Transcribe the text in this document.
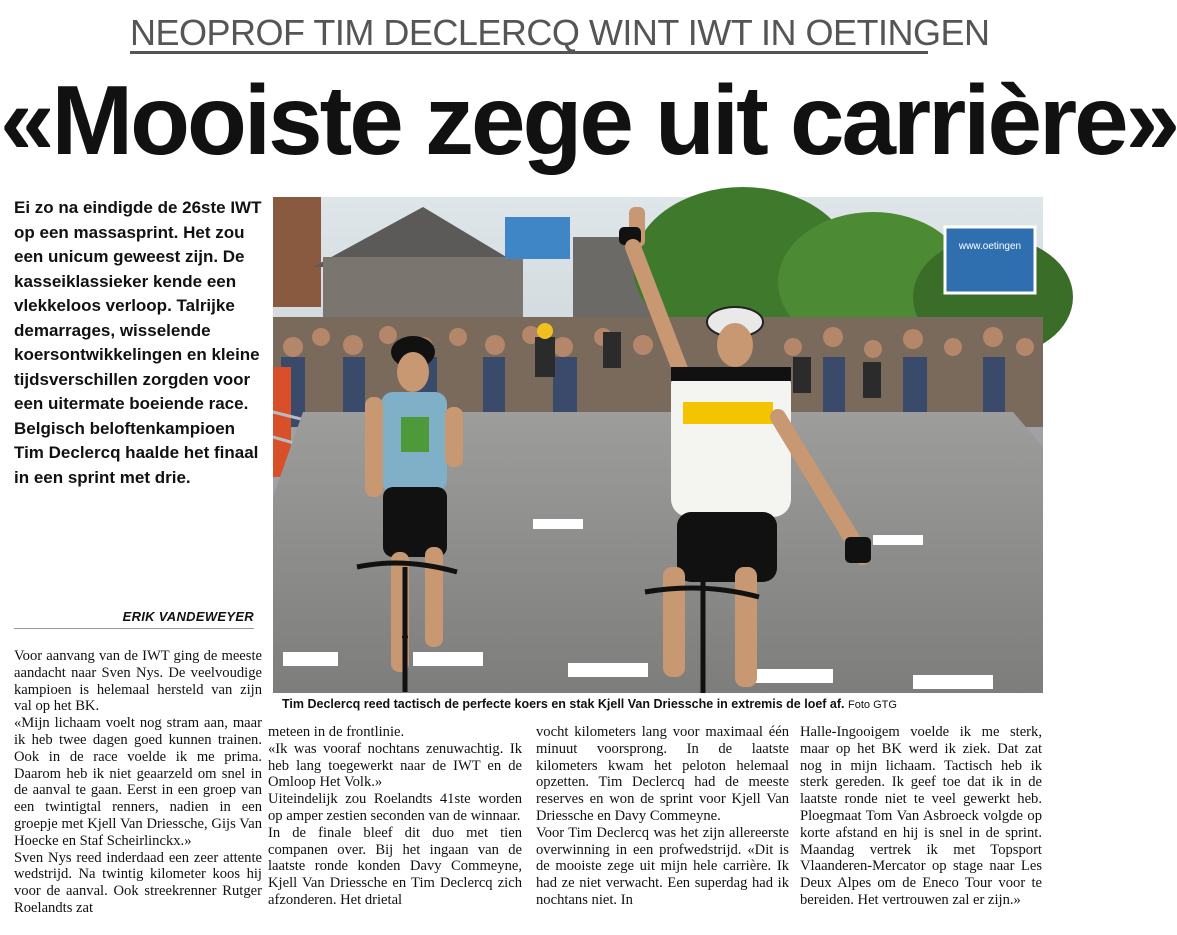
NEOPROF TIM DECLERCQ WINT IWT IN OETINGEN
«Mooiste zege uit carrière»

Ei zo na eindigde de 26ste IWT op een massasprint. Het zou een unicum geweest zijn. De kasseiklassieker kende een vlekkeloos verloop. Talrijke demarrages, wisselende koersontwikkelingen en kleine tijdsverschillen zorgden voor een uitermate boeiende race. Belgisch beloftenkampioen Tim Declercq haalde het finaal in een sprint met drie.

ERIK VANDEWEYER
www.oetingen
Tim Declercq reed tactisch de perfecte koers en stak Kjell Van Driessche in extremis de loef af. Foto GTG

Voor aanvang van de IWT ging de meeste aandacht naar Sven Nys. De veelvoudige kampioen is helemaal hersteld van zijn val op het BK.

«Mijn lichaam voelt nog stram aan, maar ik heb twee dagen goed kunnen trainen. Ook in de race voelde ik me prima. Daarom heb ik niet geaarzeld om snel in de aanval te gaan. Eerst in een groep van een twintigtal renners, nadien in een groepje met Kjell Van Driessche, Gijs Van Hoecke en Staf Scheirlinckx.»

Sven Nys reed inderdaad een zeer attente wedstrijd. Na twintig kilometer koos hij voor de aanval. Ook streekrenner Rutger Roelandts zat

meteen in de frontlinie.

«Ik was vooraf nochtans zenuwachtig. Ik heb lang toegewerkt naar de IWT en de Omloop Het Volk.»

Uiteindelijk zou Roelandts 41ste worden op amper zestien seconden van de winnaar.

In de finale bleef dit duo met tien companen over. Bij het ingaan van de laatste ronde konden Davy Commeyne, Kjell Van Driessche en Tim Declercq zich afzonderen. Het drietal

vocht kilometers lang voor maximaal één minuut voorsprong. In de laatste kilometers kwam het peloton helemaal opzetten. Tim Declercq had de meeste reserves en won de sprint voor Kjell Van Driessche en Davy Commeyne.

Voor Tim Declercq was het zijn allereerste overwinning in een profwedstrijd. «Dit is de mooiste zege uit mijn hele carrière. Ik had ze niet verwacht. Een superdag had ik nochtans niet. In

Halle-Ingooigem voelde ik me sterk, maar op het BK werd ik ziek. Dat zat nog in mijn lichaam. Tactisch heb ik sterk gereden. Ik geef toe dat ik in de laatste ronde niet te veel gewerkt heb. Ploegmaat Tom Van Asbroeck volgde op korte afstand en hij is snel in de sprint. Maandag vertrek ik met Topsport Vlaanderen-Mercator op stage naar Les Deux Alpes om de Eneco Tour voor te bereiden. Het vertrouwen zal er zijn.»
